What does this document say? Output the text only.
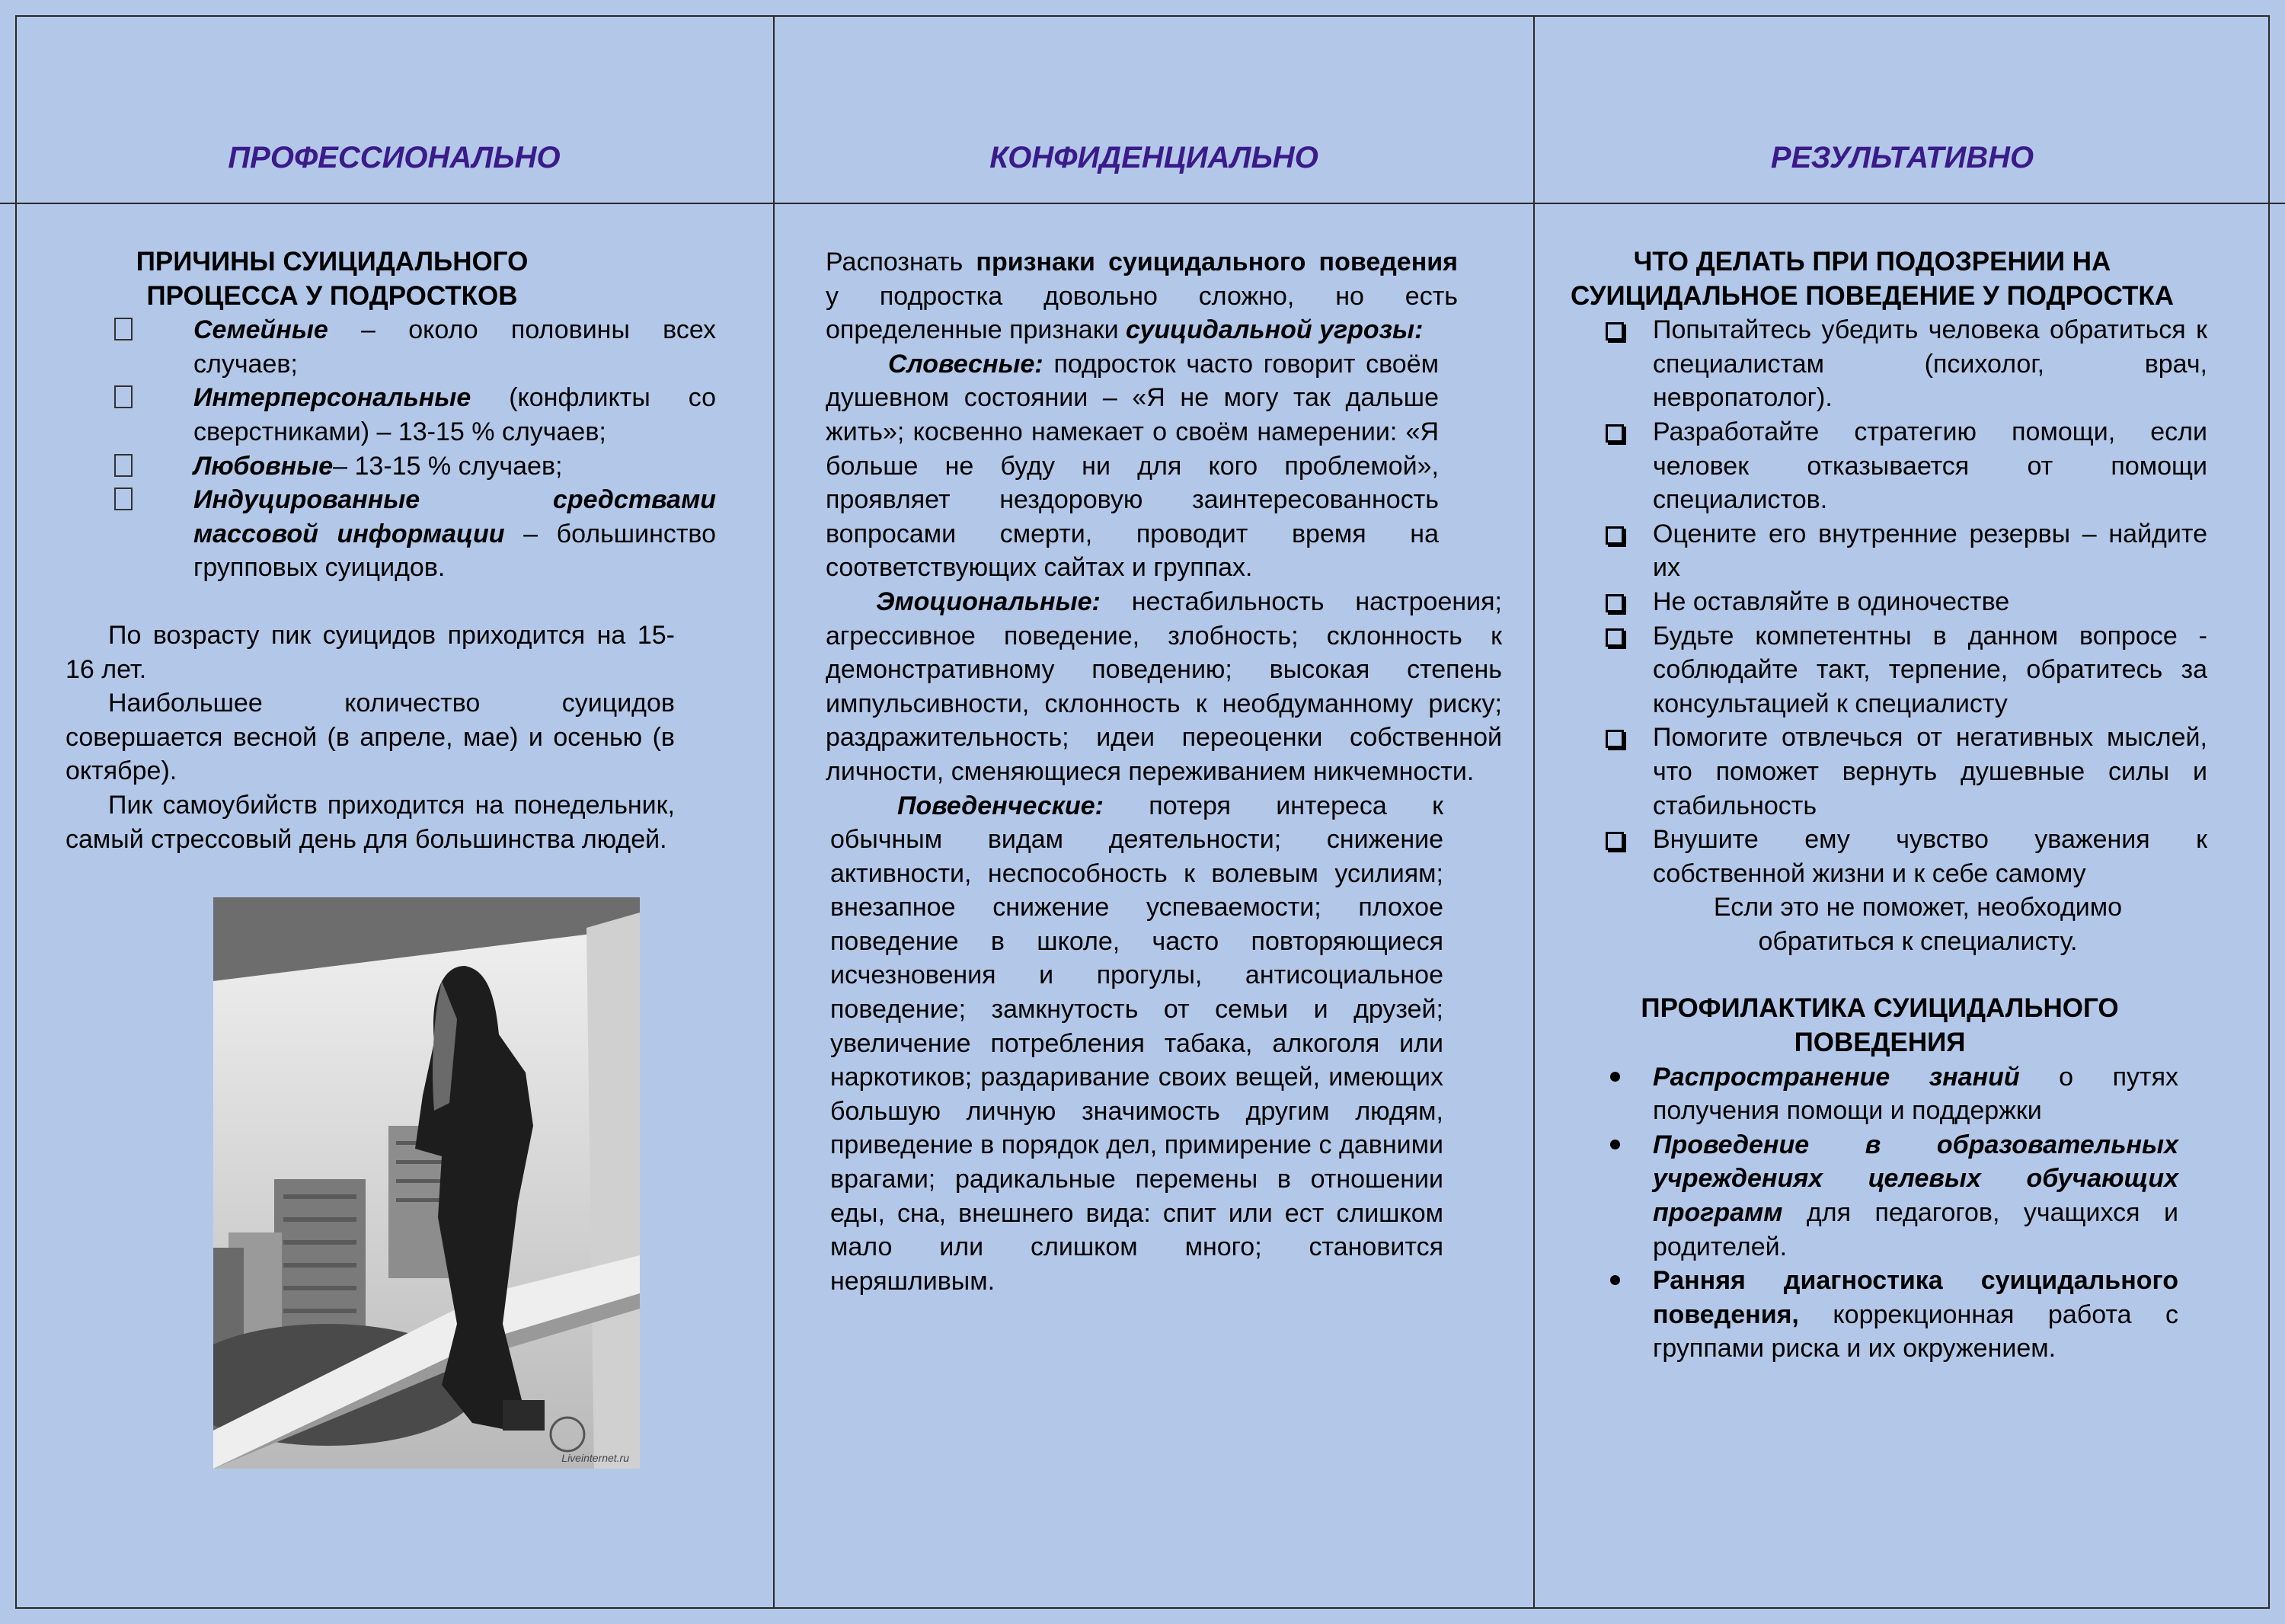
ПРОФЕССИОНАЛЬНО	КОНФИДЕНЦИАЛЬНО	РЕЗУЛЬТАТИВНО
ПРИЧИНЫ СУИЦИДАЛЬНОГО ПРОЦЕССА У ПОДРОСТКОВ
Семейные – около половины всех случаев;
Интерперсональные (конфликты со сверстниками) – 13-15 % случаев;
Любовные– 13-15 % случаев;
Индуцированные средствами массовой информации – большинство групповых суицидов.

По возрасту пик суицидов приходится на 15-16 лет.

Наибольшее количество суицидов совершается весной (в апреле, мае) и осенью (в октябре).

Пик самоубийств приходится на понедельник, самый стрессовый день для большинства людей.

Liveinternet.ru

Распознать признаки суицидального поведения у подростка довольно сложно, но есть определенные признаки суицидальной угрозы:

Словесные: подросток часто говорит своём душевном состоянии – «Я не могу так дальше жить»; косвенно намекает о своём намерении: «Я больше не буду ни для кого проблемой», проявляет нездоровую заинтересованность вопросами смерти, проводит время на соответствующих сайтах и группах.

Эмоциональные: нестабильность настроения; агрессивное поведение, злобность; склонность к демонстративному поведению; высокая степень импульсивности, склонность к необдуманному риску; раздражительность; идеи переоценки собственной личности, сменяющиеся переживанием никчемности.

Поведенческие: потеря интереса к обычным видам деятельности; снижение активности, неспособность к волевым усилиям; внезапное снижение успеваемости; плохое поведение в школе, часто повторяющиеся исчезновения и прогулы, антисоциальное поведение; замкнутость от семьи и друзей; увеличение потребления табака, алкоголя или наркотиков; раздаривание своих вещей, имеющих большую личную значимость другим людям, приведение в порядок дел, примирение с давними врагами; радикальные перемены в отношении еды, сна, внешнего вида: спит или ест слишком мало или слишком много; становится неряшливым.

ЧТО ДЕЛАТЬ ПРИ ПОДОЗРЕНИИ НА СУИЦИДАЛЬНОЕ ПОВЕДЕНИЕ У ПОДРОСТКА
Попытайтесь убедить человека обратиться к специалистам (психолог, врач, невропатолог).
Разработайте стратегию помощи, если человек отказывается от помощи специалистов.
Оцените его внутренние резервы – найдите их
Не оставляйте в одиночестве
Будьте компетентны в данном вопросе - соблюдайте такт, терпение, обратитесь за консультацией к специалисту
Помогите отвлечься от негативных мыслей, что поможет вернуть душевные силы и стабильность
Внушите ему чувство уважения к собственной жизни и к себе самому

Если это не поможет, необходимо обратиться к специалисту.

ПРОФИЛАКТИКА СУИЦИДАЛЬНОГО ПОВЕДЕНИЯ
Распространение знаний о путях получения помощи и поддержки
Проведение в образовательных учреждениях целевых обучающих программ для педагогов, учащихся и родителей.
Ранняя диагностика суицидального поведения, коррекционная работа с группами риска и их окружением.
